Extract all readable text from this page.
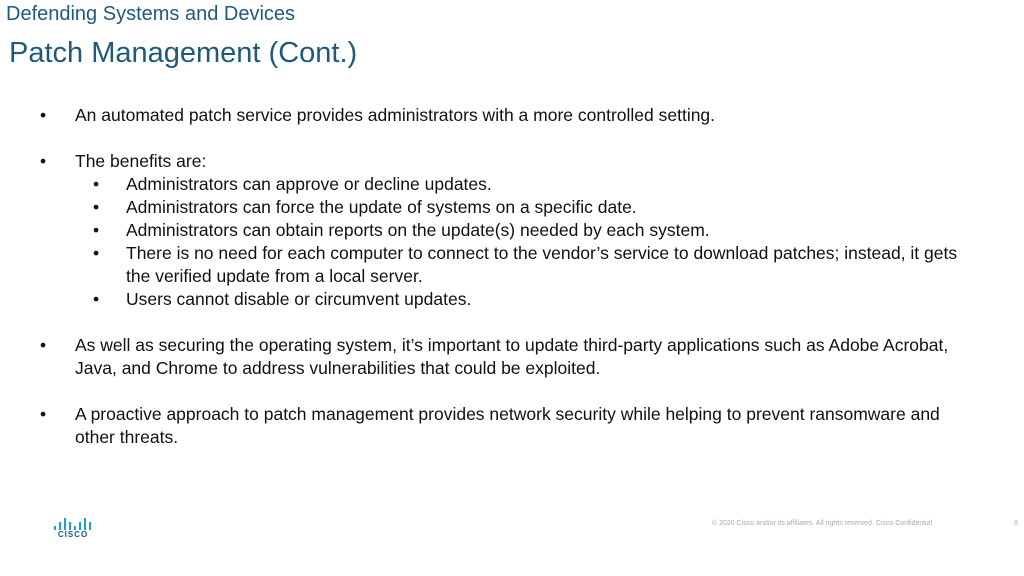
Defending Systems and Devices
Patch Management (Cont.)
• An automated patch service provides administrators with a more controlled setting.
• The benefits are:
• Administrators can approve or decline updates.
• Administrators can force the update of systems on a specific date.
• Administrators can obtain reports on the update(s) needed by each system.
• There is no need for each computer to connect to the vendor’s service to download patches; instead, it gets the verified update from a local server.
• Users cannot disable or circumvent updates.
• As well as securing the operating system, it’s important to update third-party applications such as Adobe Acrobat, Java, and Chrome to address vulnerabilities that could be exploited.
• A proactive approach to patch management provides network security while helping to prevent ransomware and other threats.
CISCO
© 2020 Cisco and/or its affiliates. All rights reserved. Cisco Confidential	8
